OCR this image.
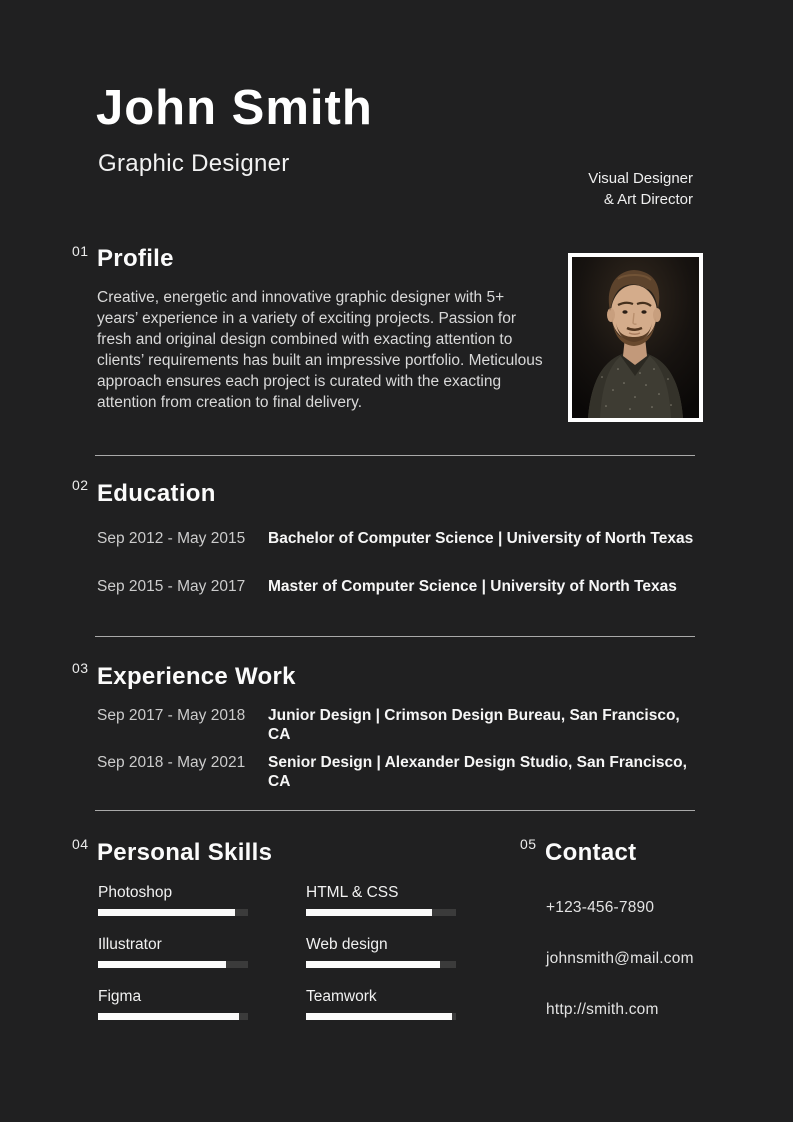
John Smith
Graphic Designer
Visual Designer
& Art Director
01 Profile

Creative, energetic and innovative graphic designer with 5+ years’ experience in a variety of exciting projects. Passion for fresh and original design combined with exacting attention to clients’ requirements has built an impressive portfolio. Meticulous approach ensures each project is curated with the exacting attention from creation to final delivery.

02 Education
Sep 2012 - May 2015	Bachelor of Computer Science | University of North Texas
Sep 2015 - May 2017	Master of Computer Science | University of North Texas
03 Experience Work
Sep 2017 - May 2018	Junior Design | Crimson Design Bureau, San Francisco, CA
Sep 2018 - May 2021	Senior Design | Alexander Design Studio, San Francisco, CA
04 Personal Skills
Photoshop
Illustrator
Figma
HTML & CSS
Web design
Teamwork
05 Contact
+123-456-7890
johnsmith@mail.com
http://smith.com
